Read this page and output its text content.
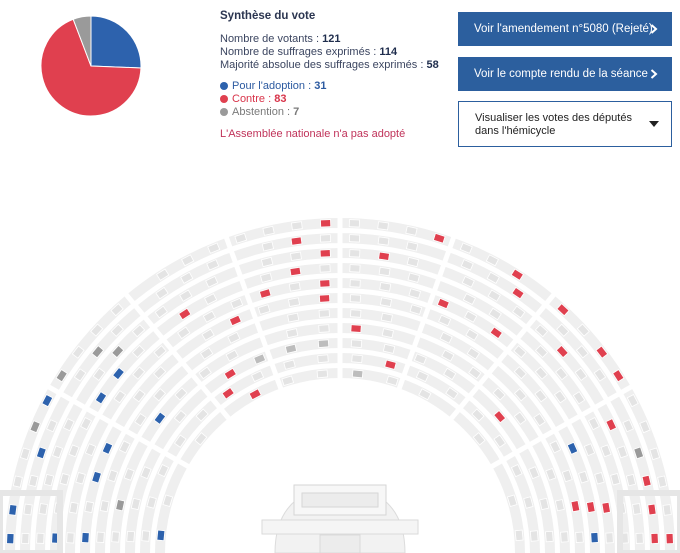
Synthèse du vote
Nombre de votants : 121
Nombre de suffrages exprimés : 114
Majorité absolue des suffrages exprimés : 58
Pour l'adoption : 31
Contre : 83
Abstention : 7
L'Assemblée nationale n'a pas adopté
Voir l'amendement n°5080 (Rejeté)
Voir le compte rendu de la séance
Visualiser les votes des députés dans l'hémicycle
